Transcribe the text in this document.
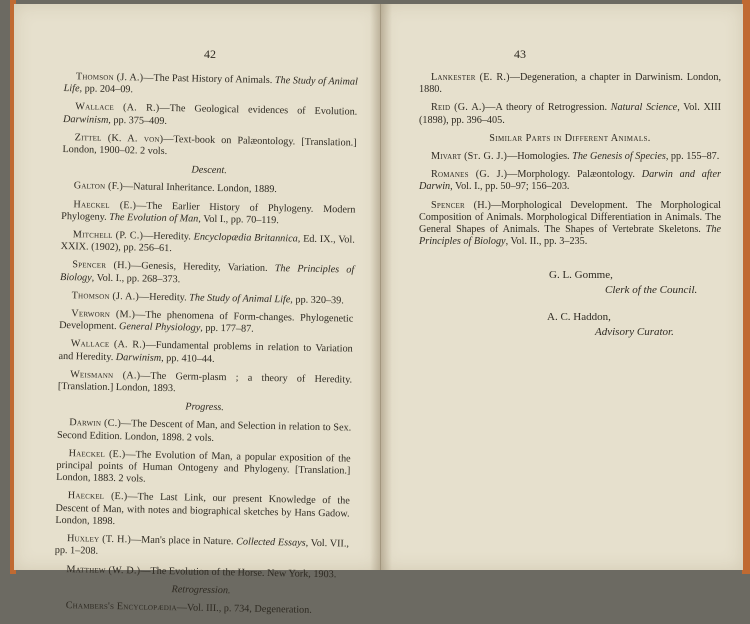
42
Thomson (J. A.)—The Past History of Animals. The Study of Animal Life, pp. 204–09.
Wallace (A. R.)—The Geological evidences of Evolution. Darwinism, pp. 375–409.
Zittel (K. A. von)—Text-book on Palæontology. [Translation.] London, 1900–02. 2 vols.
Descent.
Galton (F.)—Natural Inheritance. London, 1889.
Haeckel (E.)—The Earlier History of Phylogeny. Modern Phylogeny. The Evolution of Man, Vol I., pp. 70–119.
Mitchell (P. C.)—Heredity. Encyclopædia Britannica, Ed. IX., Vol. XXIX. (1902), pp. 256–61.
Spencer (H.)—Genesis, Heredity, Variation. The Principles of Biology, Vol. I., pp. 268–373.
Thomson (J. A.)—Heredity. The Study of Animal Life, pp. 320–39.
Verworn (M.)—The phenomena of Form-changes. Phylogenetic Development. General Physiology, pp. 177–87.
Wallace (A. R.)—Fundamental problems in relation to Variation and Heredity. Darwinism, pp. 410–44.
Weismann (A.)—The Germ-plasm ; a theory of Heredity. [Translation.] London, 1893.
Progress.
Darwin (C.)—The Descent of Man, and Selection in relation to Sex. Second Edition. London, 1898. 2 vols.
Haeckel (E.)—The Evolution of Man, a popular exposition of the principal points of Human Ontogeny and Phylogeny. [Translation.] London, 1883. 2 vols.
Haeckel (E.)—The Last Link, our present Knowledge of the Descent of Man, with notes and biographical sketches by Hans Gadow. London, 1898.
Huxley (T. H.)—Man's place in Nature. Collected Essays, Vol. VII., pp. 1–208.
Matthew (W. D.)—The Evolution of the Horse. New York, 1903.
Retrogression.
Chambers's Encyclopædia—Vol. III., p. 734, Degeneration.
43
Lankester (E. R.)—Degeneration, a chapter in Darwinism. London, 1880.
Reid (G. A.)—A theory of Retrogression. Natural Science, Vol. XIII (1898), pp. 396–405.
Similar Parts in Different Animals.
Mivart (St. G. J.)—Homologies. The Genesis of Species, pp. 155–87.
Romanes (G. J.)—Morphology. Palæontology. Darwin and after Darwin, Vol. I., pp. 50–97; 156–203.
Spencer (H.)—Morphological Development. The Morphological Composition of Animals. Morphological Differentiation in Animals. The General Shapes of Animals. The Shapes of Vertebrate Skeletons. The Principles of Biology, Vol. II., pp. 3–235.
G. L. Gomme,
Clerk of the Council.
A. C. Haddon,
Advisory Curator.
